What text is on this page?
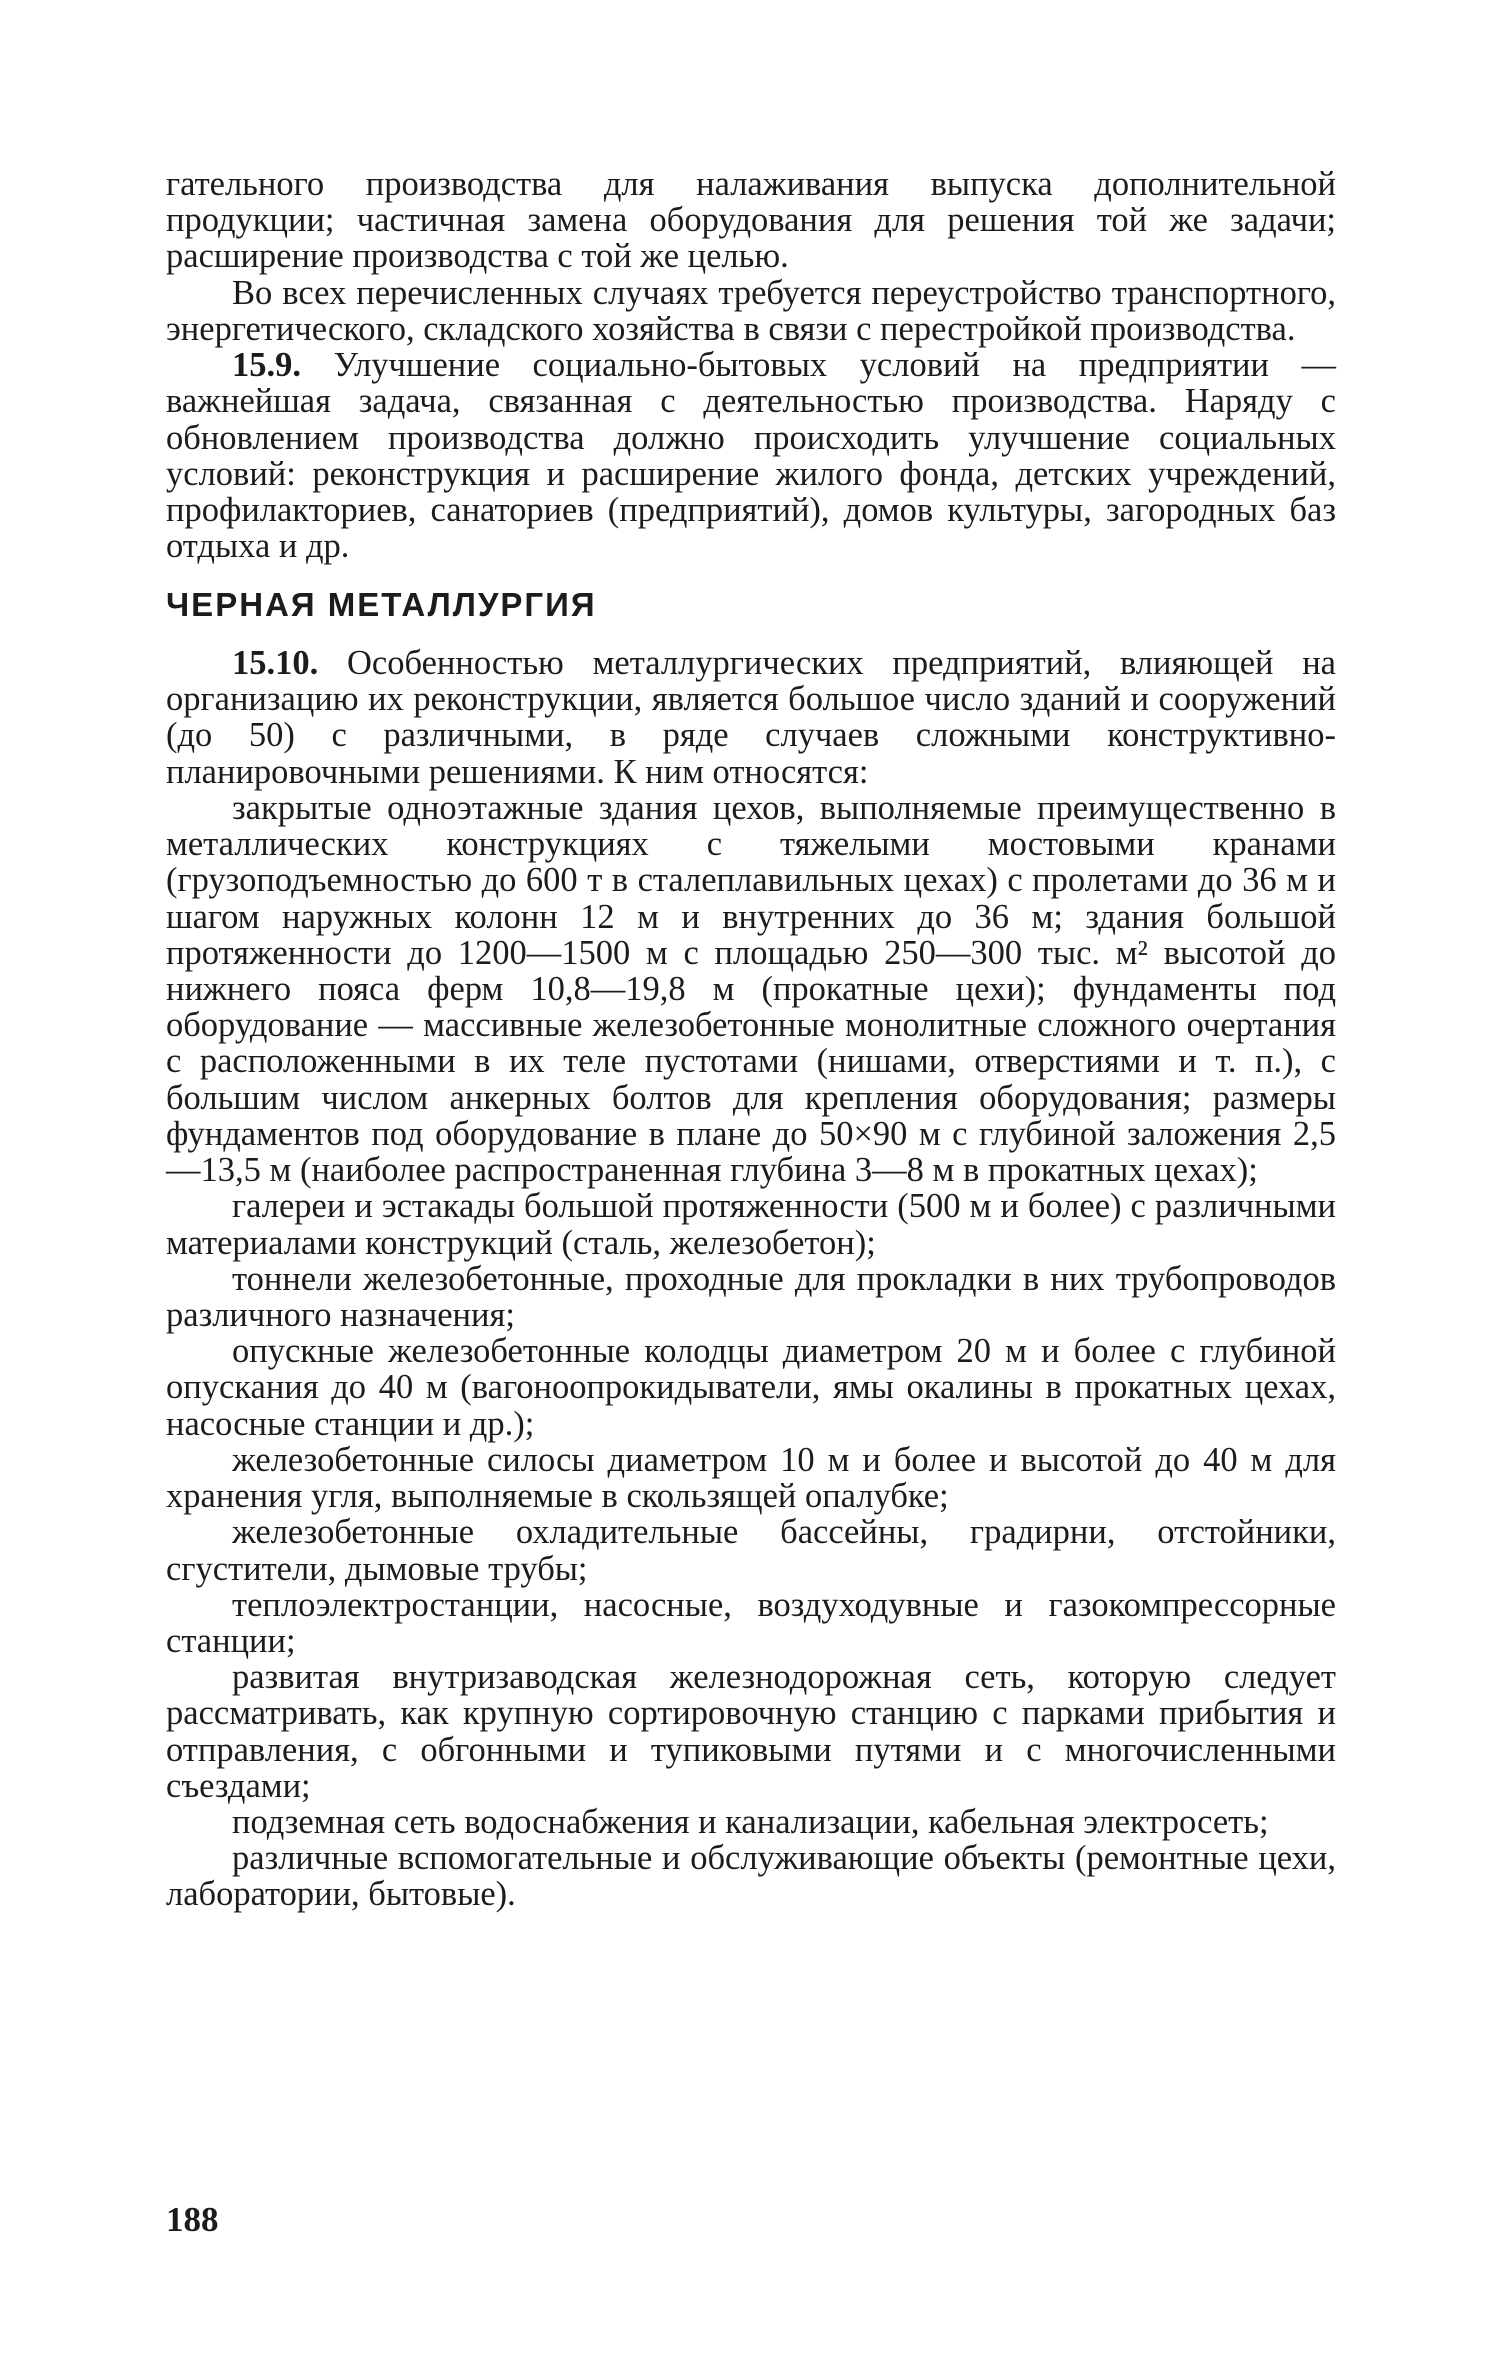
гательного производства для налаживания выпуска дополнительной продукции; частичная замена оборудования для решения той же задачи; расширение производства с той же целью.

Во всех перечисленных случаях требуется переустройство транспортного, энергетического, складского хозяйства в связи с перестройкой производства.

15.9. Улучшение социально-бытовых условий на предприятии — важнейшая задача, связанная с деятельностью производства. Наряду с обновлением производства должно происходить улучшение социальных условий: реконструкция и расширение жилого фонда, детских учреждений, профилакториев, санаториев (предприятий), домов культуры, загородных баз отдыха и др.

ЧЕРНАЯ МЕТАЛЛУРГИЯ

15.10. Особенностью металлургических предприятий, влияющей на организацию их реконструкции, является большое число зданий и сооружений (до 50) с различными, в ряде случаев сложными конструктивно-планировочными решениями. К ним относятся:

закрытые одноэтажные здания цехов, выполняемые преимущественно в металлических конструкциях с тяжелыми мостовыми кранами (грузоподъемностью до 600 т в сталеплавильных цехах) с пролетами до 36 м и шагом наружных колонн 12 м и внутренних до 36 м; здания большой протяженности до 1200—1500 м с площадью 250—300 тыс. м² высотой до нижнего пояса ферм 10,8—19,8 м (прокатные цехи); фундаменты под оборудование — массивные железобетонные монолитные сложного очертания с расположенными в их теле пустотами (нишами, отверстиями и т. п.), с большим числом анкерных болтов для крепления оборудования; размеры фундаментов под оборудование в плане до 50×90 м с глубиной заложения 2,5—13,5 м (наиболее распространенная глубина 3—8 м в прокатных цехах);

галереи и эстакады большой протяженности (500 м и более) с различными материалами конструкций (сталь, железобетон);

тоннели железобетонные, проходные для прокладки в них трубопроводов различного назначения;

опускные железобетонные колодцы диаметром 20 м и более с глубиной опускания до 40 м (вагоноопрокидыватели, ямы окалины в прокатных цехах, насосные станции и др.);

железобетонные силосы диаметром 10 м и более и высотой до 40 м для хранения угля, выполняемые в скользящей опалубке;

железобетонные охладительные бассейны, градирни, отстойники, сгустители, дымовые трубы;

теплоэлектростанции, насосные, воздуходувные и газокомпрессорные станции;

развитая внутризаводская железнодорожная сеть, которую следует рассматривать, как крупную сортировочную станцию с парками прибытия и отправления, с обгонными и тупиковыми путями и с многочисленными съездами;

подземная сеть водоснабжения и канализации, кабельная электросеть;

различные вспомогательные и обслуживающие объекты (ремонтные цехи, лаборатории, бытовые).

188
